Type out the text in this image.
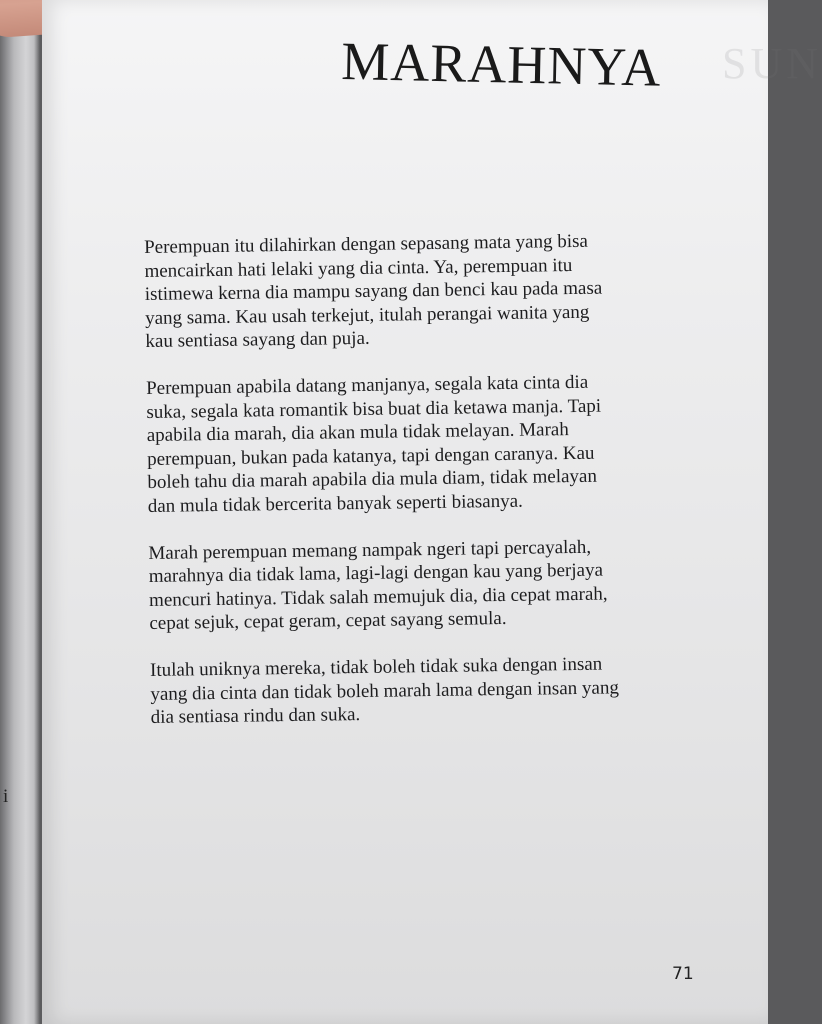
i
SUN
MARAHNYA

Perempuan itu dilahirkan dengan sepasang mata yang bisa
mencairkan hati lelaki yang dia cinta. Ya, perempuan itu
istimewa kerna dia mampu sayang dan benci kau pada masa
yang sama. Kau usah terkejut, itulah perangai wanita yang
kau sentiasa sayang dan puja.

Perempuan apabila datang manjanya, segala kata cinta dia
suka, segala kata romantik bisa buat dia ketawa manja. Tapi
apabila dia marah, dia akan mula tidak melayan. Marah
perempuan, bukan pada katanya, tapi dengan caranya. Kau
boleh tahu dia marah apabila dia mula diam, tidak melayan
dan mula tidak bercerita banyak seperti biasanya.

Marah perempuan memang nampak ngeri tapi percayalah,
marahnya dia tidak lama, lagi-lagi dengan kau yang berjaya
mencuri hatinya. Tidak salah memujuk dia, dia cepat marah,
cepat sejuk, cepat geram, cepat sayang semula.

Itulah uniknya mereka, tidak boleh tidak suka dengan insan
yang dia cinta dan tidak boleh marah lama dengan insan yang
dia sentiasa rindu dan suka.

71
